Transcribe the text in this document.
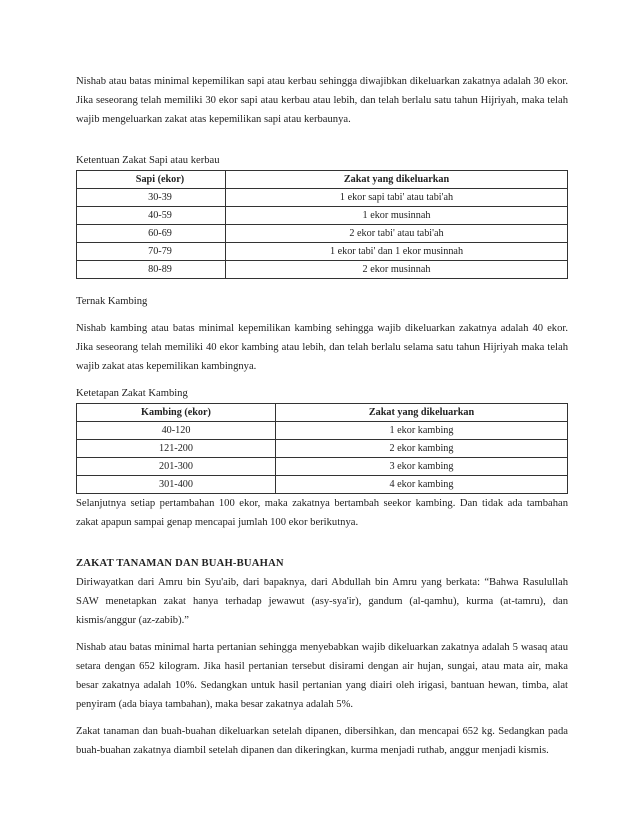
Nishab atau batas minimal kepemilikan sapi atau kerbau sehingga diwajibkan dikeluarkan zakatnya adalah 30 ekor. Jika seseorang telah memiliki 30 ekor sapi atau kerbau atau lebih, dan telah berlalu satu tahun Hijriyah, maka telah wajib mengeluarkan zakat atas kepemilikan sapi atau kerbaunya.

Ketentuan Zakat Sapi atau kerbau
Sapi (ekor)	Zakat yang dikeluarkan
30-39	1 ekor sapi tabi' atau tabi'ah
40-59	1 ekor musinnah
60-69	2 ekor tabi' atau tabi'ah
70-79	1 ekor tabi' dan 1 ekor musinnah
80-89	2 ekor musinnah
Ternak Kambing

Nishab kambing atau batas minimal kepemilikan kambing sehingga wajib dikeluarkan zakatnya adalah 40 ekor. Jika seseorang telah memiliki 40 ekor kambing atau lebih, dan telah berlalu selama satu tahun Hijriyah maka telah wajib zakat atas kepemilikan kambingnya.

Ketetapan Zakat Kambing
Kambing (ekor)	Zakat yang dikeluarkan
40-120	1 ekor kambing
121-200	2 ekor kambing
201-300	3 ekor kambing
301-400	4 ekor kambing

Selanjutnya setiap pertambahan 100 ekor, maka zakatnya bertambah seekor kambing. Dan tidak ada tambahan zakat apapun sampai genap mencapai jumlah 100 ekor berikutnya.

ZAKAT TANAMAN DAN BUAH-BUAHAN

Diriwayatkan dari Amru bin Syu'aib, dari bapaknya, dari Abdullah bin Amru yang berkata: “Bahwa Rasulullah SAW menetapkan zakat hanya terhadap jewawut (asy-sya'ir), gandum (al-qamhu), kurma (at-tamru), dan kismis/anggur (az-zabib).”

Nishab atau batas minimal harta pertanian sehingga menyebabkan wajib dikeluarkan zakatnya adalah 5 wasaq atau setara dengan 652 kilogram. Jika hasil pertanian tersebut disirami dengan air hujan, sungai, atau mata air, maka besar zakatnya adalah 10%. Sedangkan untuk hasil pertanian yang diairi oleh irigasi, bantuan hewan, timba, alat penyiram (ada biaya tambahan), maka besar zakatnya adalah 5%.

Zakat tanaman dan buah-buahan dikeluarkan setelah dipanen, dibersihkan, dan mencapai 652 kg. Sedangkan pada buah-buahan zakatnya diambil setelah dipanen dan dikeringkan, kurma menjadi ruthab, anggur menjadi kismis.
